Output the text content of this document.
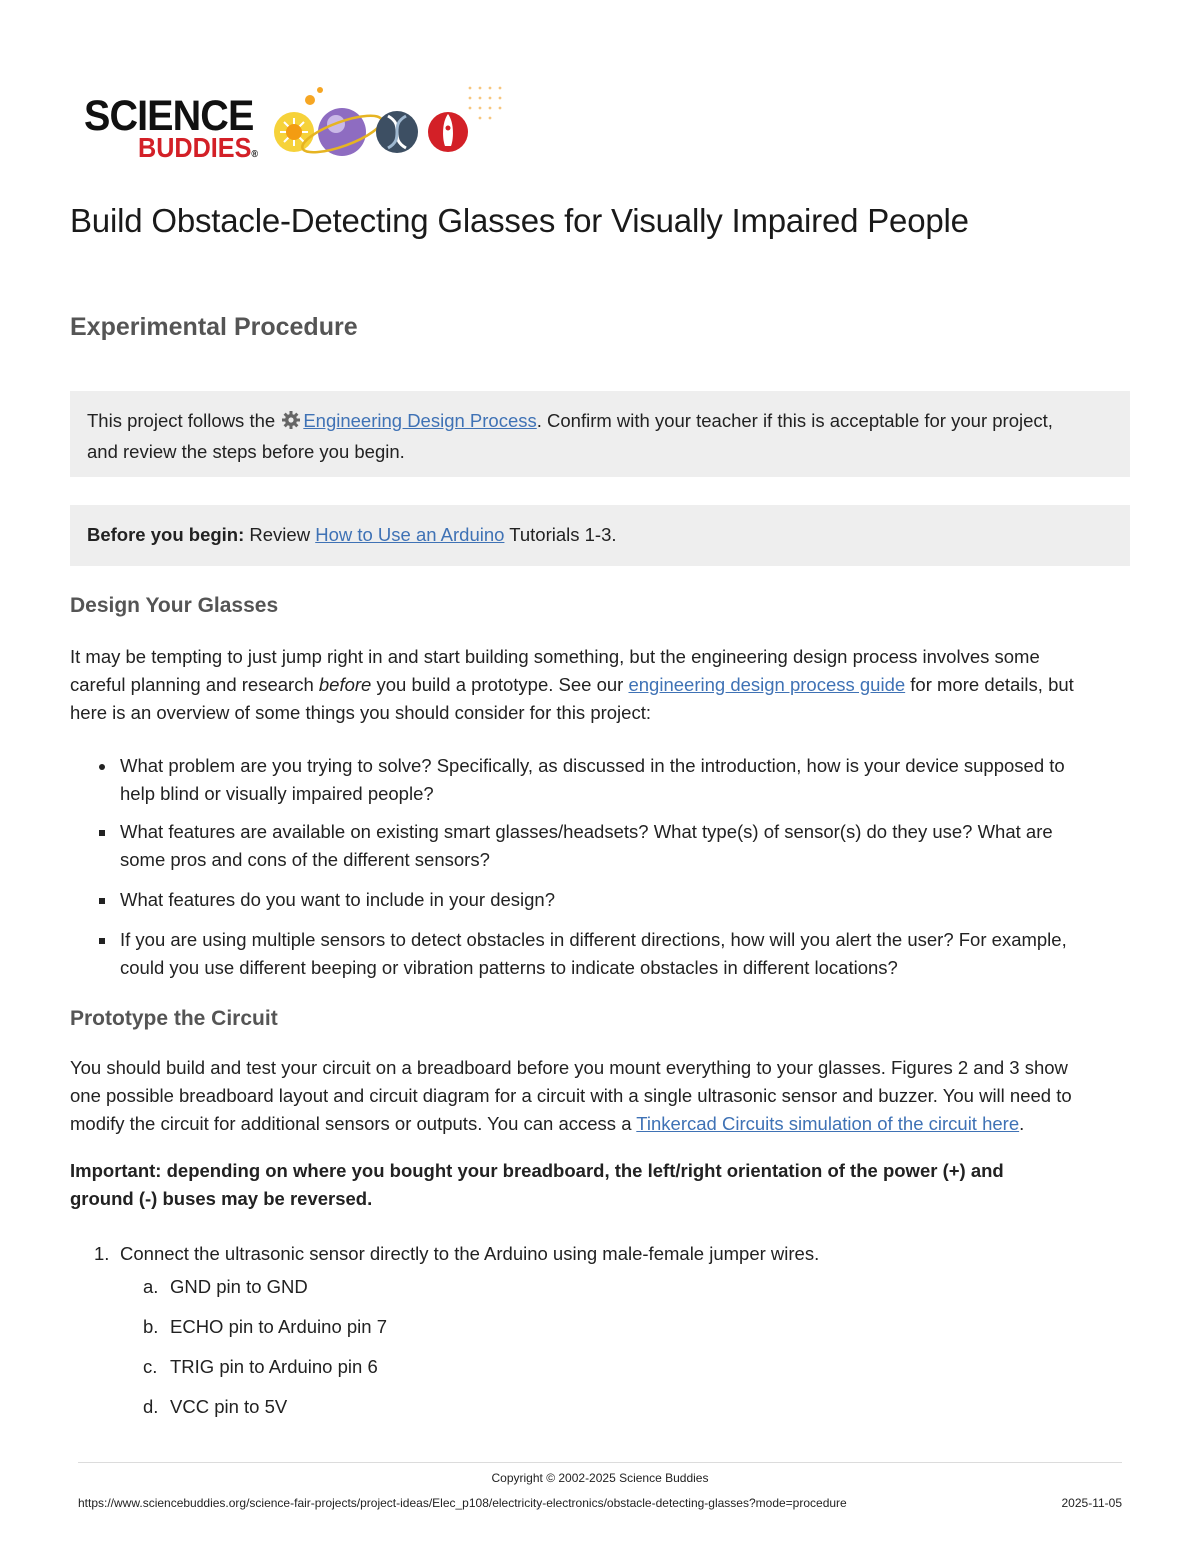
SCIENCE
BUDDIES®
Build Obstacle-Detecting Glasses for Visually Impaired People
Experimental Procedure
This project follows the Engineering Design Process. Confirm with your teacher if this is acceptable for your project,
and review the steps before you begin.
Before you begin: Review How to Use an Arduino Tutorials 1-3.
Design Your Glasses
It may be tempting to just jump right in and start building something, but the engineering design process involves some
careful planning and research before you build a prototype. See our engineering design process guide for more details, but
here is an overview of some things you should consider for this project:
What problem are you trying to solve? Specifically, as discussed in the introduction, how is your device supposed to
help blind or visually impaired people?
What features are available on existing smart glasses/headsets? What type(s) of sensor(s) do they use? What are
some pros and cons of the different sensors?
What features do you want to include in your design?
If you are using multiple sensors to detect obstacles in different directions, how will you alert the user? For example,
could you use different beeping or vibration patterns to indicate obstacles in different locations?
Prototype the Circuit
You should build and test your circuit on a breadboard before you mount everything to your glasses. Figures 2 and 3 show
one possible breadboard layout and circuit diagram for a circuit with a single ultrasonic sensor and buzzer. You will need to
modify the circuit for additional sensors or outputs. You can access a Tinkercad Circuits simulation of the circuit here.
Important: depending on where you bought your breadboard, the left/right orientation of the power (+) and
ground (-) buses may be reversed.
1. Connect the ultrasonic sensor directly to the Arduino using male-female jumper wires.
a. GND pin to GND
b. ECHO pin to Arduino pin 7
c. TRIG pin to Arduino pin 6
d. VCC pin to 5V
Copyright © 2002-2025 Science Buddies
https://www.sciencebuddies.org/science-fair-projects/project-ideas/Elec_p108/electricity-electronics/obstacle-detecting-glasses?mode=procedure	2025-11-05
